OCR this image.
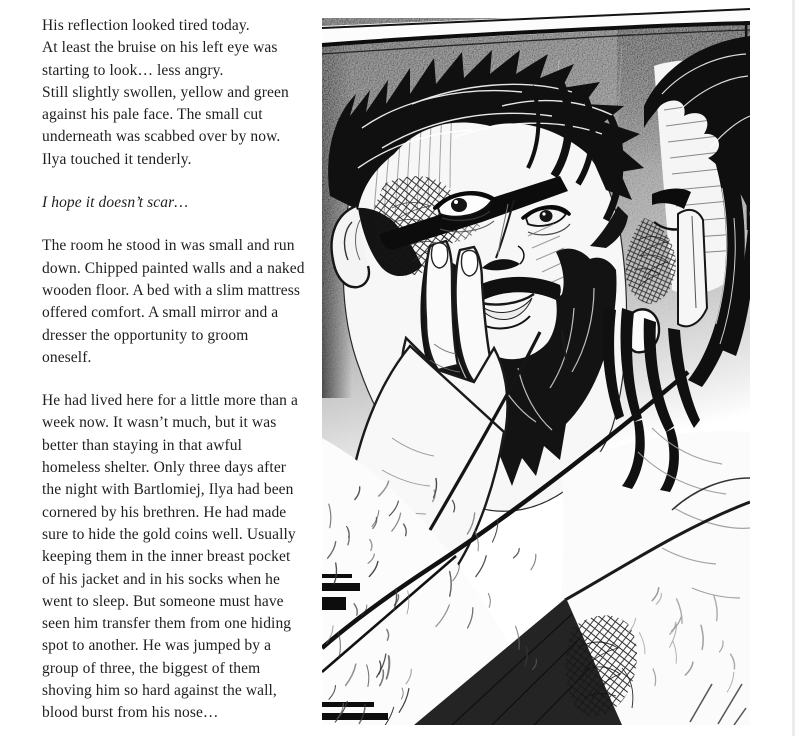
His reflection looked tired today.
At least the bruise on his left eye was
starting to look… less angry.
Still slightly swollen, yellow and green
against his pale face. The small cut
underneath was scabbed over by now.
Ilya touched it tenderly.

I hope it doesn’t scar…

The room he stood in was small and run
down. Chipped painted walls and a naked
wooden floor. A bed with a slim mattress
offered comfort. A small mirror and a
dresser the opportunity to groom
oneself.

He had lived here for a little more than a
week now. It wasn’t much, but it was
better than staying in that awful
homeless shelter. Only three days after
the night with Bartlomiej, Ilya had been
cornered by his brethren. He had made
sure to hide the gold coins well. Usually
keeping them in the inner breast pocket
of his jacket and in his socks when he
went to sleep. But someone must have
seen him transfer them from one hiding
spot to another. He was jumped by a
group of three, the biggest of them
shoving him so hard against the wall,
blood burst from his nose…
